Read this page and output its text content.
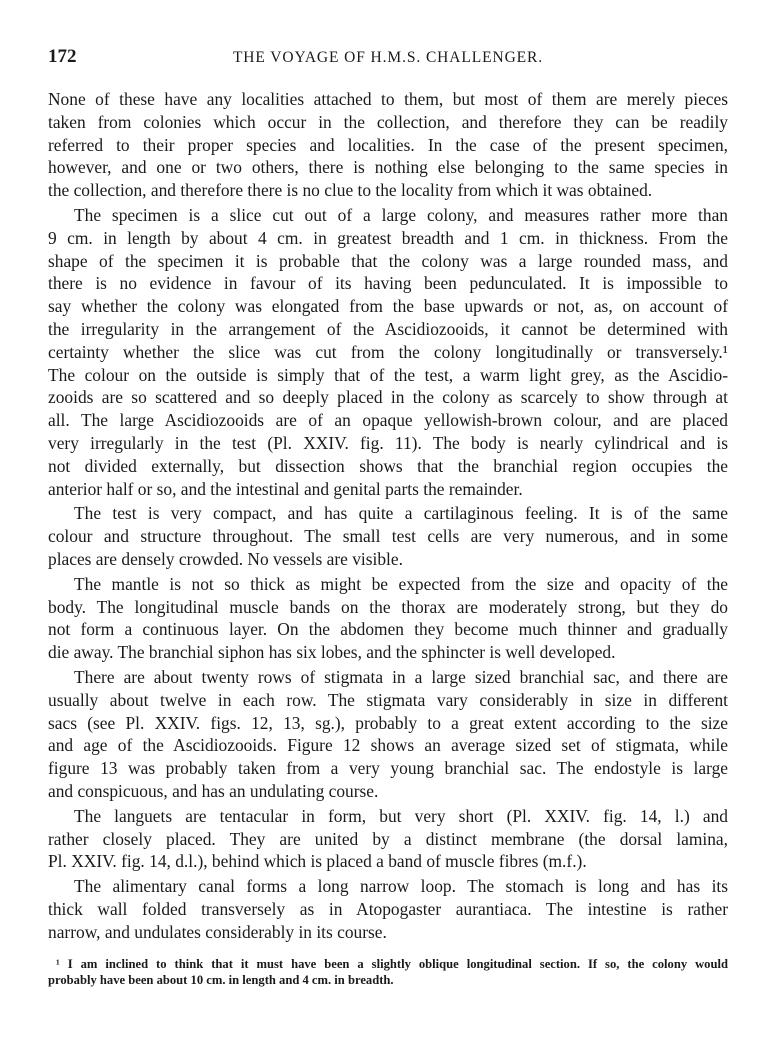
172	THE VOYAGE OF H.M.S. CHALLENGER.
None of these have any localities attached to them, but most of them are merely pieces
taken from colonies which occur in the collection, and therefore they can be readily
referred to their proper species and localities. In the case of the present specimen,
however, and one or two others, there is nothing else belonging to the same species in
the collection, and therefore there is no clue to the locality from which it was obtained.
The specimen is a slice cut out of a large colony, and measures rather more than
9 cm. in length by about 4 cm. in greatest breadth and 1 cm. in thickness. From the
shape of the specimen it is probable that the colony was a large rounded mass, and
there is no evidence in favour of its having been pedunculated. It is impossible to
say whether the colony was elongated from the base upwards or not, as, on account of
the irregularity in the arrangement of the Ascidiozooids, it cannot be determined with
certainty whether the slice was cut from the colony longitudinally or transversely.¹
The colour on the outside is simply that of the test, a warm light grey, as the Ascidio-
zooids are so scattered and so deeply placed in the colony as scarcely to show through at
all. The large Ascidiozooids are of an opaque yellowish-brown colour, and are placed
very irregularly in the test (Pl. XXIV. fig. 11). The body is nearly cylindrical and is
not divided externally, but dissection shows that the branchial region occupies the
anterior half or so, and the intestinal and genital parts the remainder.
The test is very compact, and has quite a cartilaginous feeling. It is of the same
colour and structure throughout. The small test cells are very numerous, and in some
places are densely crowded. No vessels are visible.
The mantle is not so thick as might be expected from the size and opacity of the
body. The longitudinal muscle bands on the thorax are moderately strong, but they do
not form a continuous layer. On the abdomen they become much thinner and gradually
die away. The branchial siphon has six lobes, and the sphincter is well developed.
There are about twenty rows of stigmata in a large sized branchial sac, and there are
usually about twelve in each row. The stigmata vary considerably in size in different
sacs (see Pl. XXIV. figs. 12, 13, sg.), probably to a great extent according to the size
and age of the Ascidiozooids. Figure 12 shows an average sized set of stigmata, while
figure 13 was probably taken from a very young branchial sac. The endostyle is large
and conspicuous, and has an undulating course.
The languets are tentacular in form, but very short (Pl. XXIV. fig. 14, l.) and
rather closely placed. They are united by a distinct membrane (the dorsal lamina,
Pl. XXIV. fig. 14, d.l.), behind which is placed a band of muscle fibres (m.f.).
The alimentary canal forms a long narrow loop. The stomach is long and has its
thick wall folded transversely as in Atopogaster aurantiaca. The intestine is rather
narrow, and undulates considerably in its course.
¹ I am inclined to think that it must have been a slightly oblique longitudinal section. If so, the colony would
probably have been about 10 cm. in length and 4 cm. in breadth.
